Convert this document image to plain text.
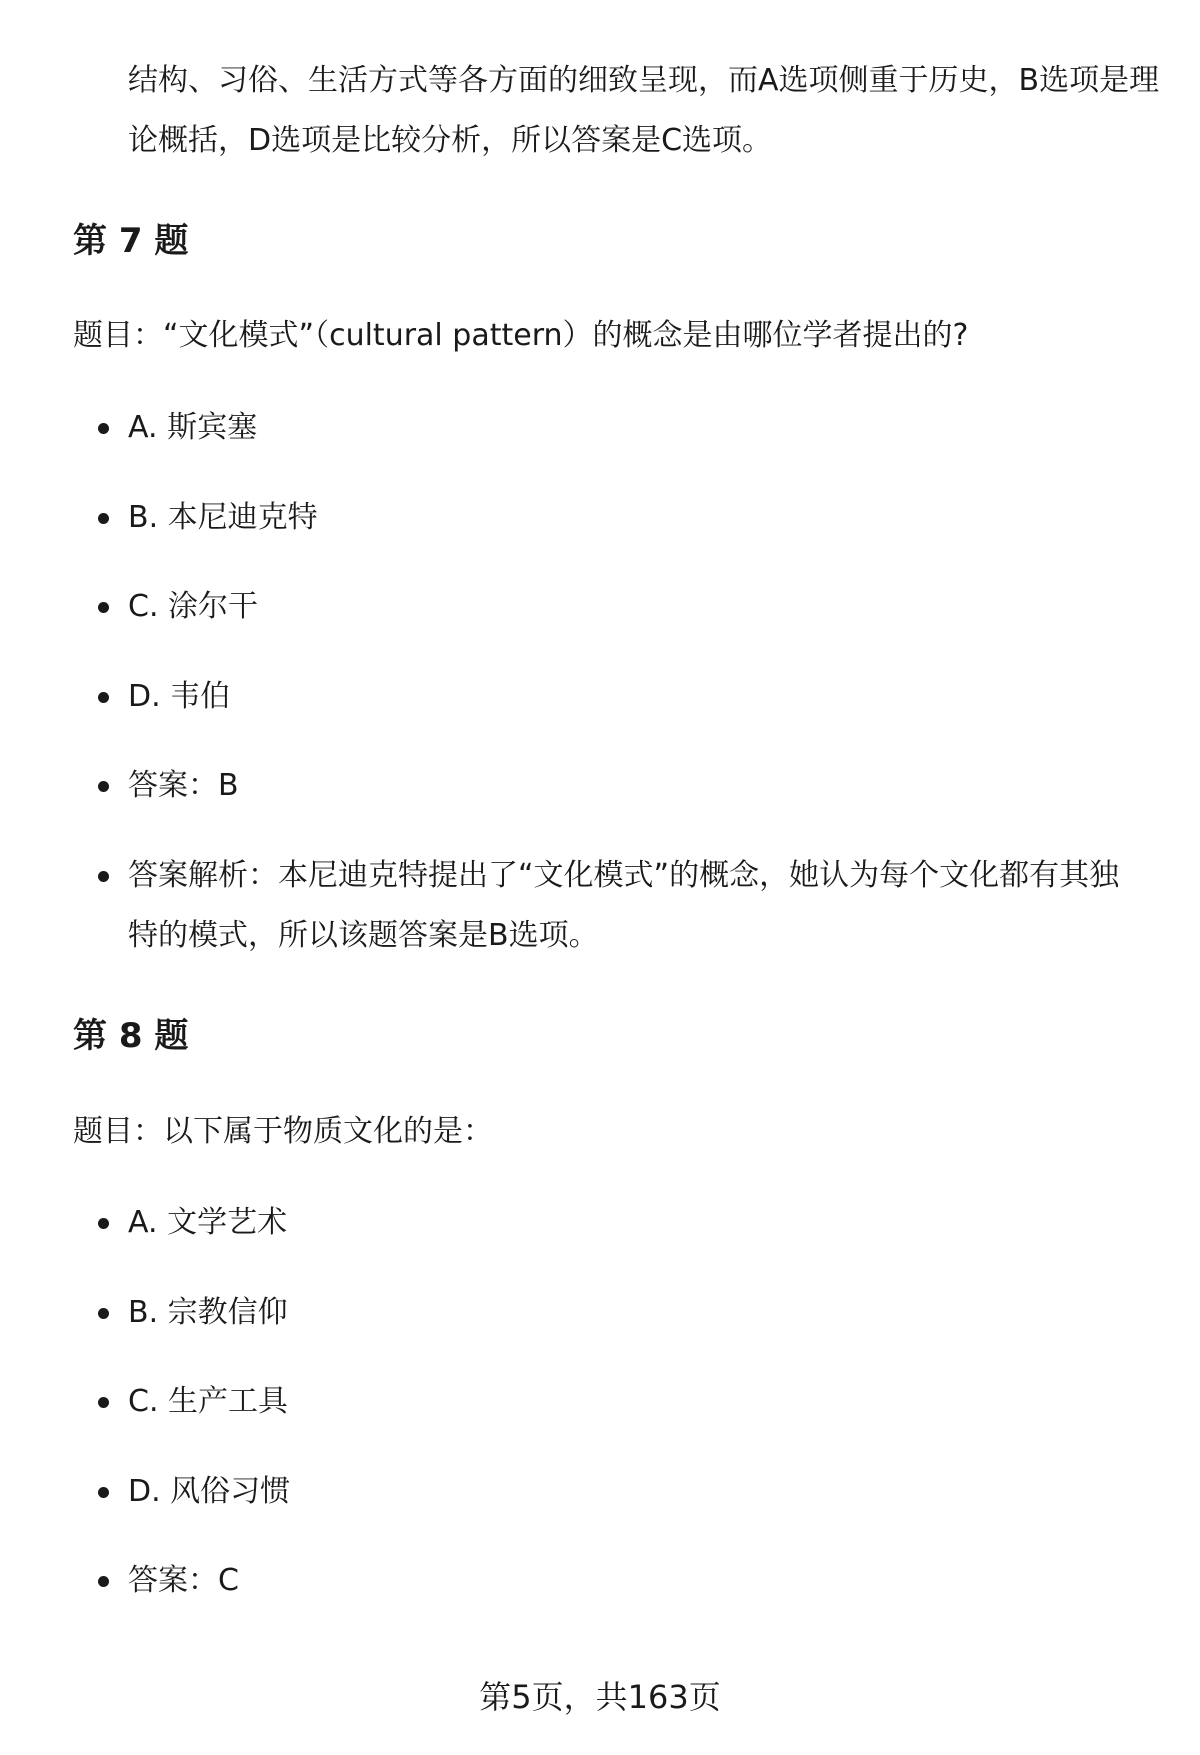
结构、习俗、生活方式等各方面的细致呈现，而A选项侧重于历史，B选项是理
论概括，D选项是比较分析，所以答案是C选项。
第 7 题
题目：“文化模式”（cultural pattern）的概念是由哪位学者提出的?
A. 斯宾塞
B. 本尼迪克特
C. 涂尔干
D. 韦伯
答案：B
答案解析：本尼迪克特提出了“文化模式”的概念，她认为每个文化都有其独
特的模式，所以该题答案是B选项。
第 8 题
题目：以下属于物质文化的是：
A. 文学艺术
B. 宗教信仰
C. 生产工具
D. 风俗习惯
答案：C
第5页，共163页
